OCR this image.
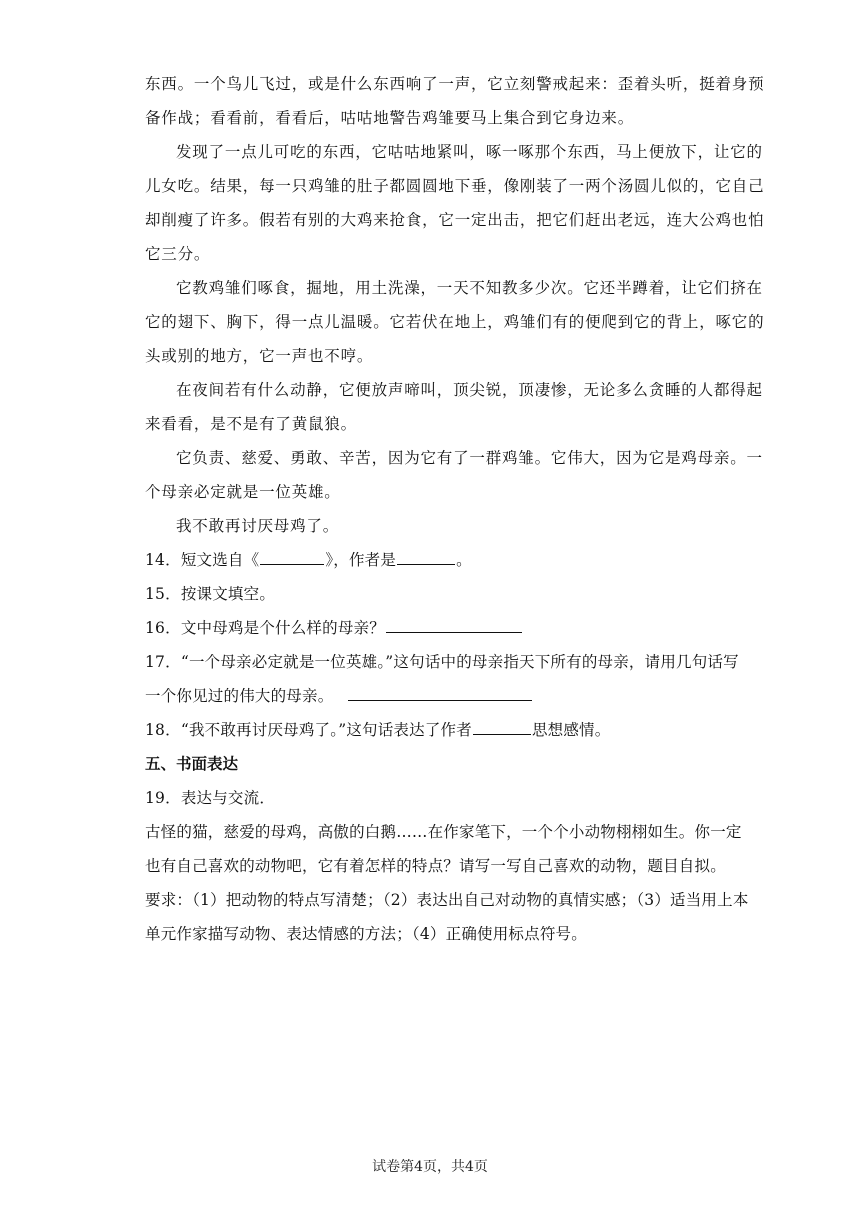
东西。一个鸟儿飞过，或是什么东西响了一声，它立刻警戒起来：歪着头听，挺着身预
备作战；看看前，看看后，咕咕地警告鸡雏要马上集合到它身边来。
发现了一点儿可吃的东西，它咕咕地紧叫，啄一啄那个东西，马上便放下，让它的
儿女吃。结果，每一只鸡雏的肚子都圆圆地下垂，像刚装了一两个汤圆儿似的，它自己
却削瘦了许多。假若有别的大鸡来抢食，它一定出击，把它们赶出老远，连大公鸡也怕
它三分。
它教鸡雏们啄食，掘地，用土洗澡，一天不知教多少次。它还半蹲着，让它们挤在
它的翅下、胸下，得一点儿温暖。它若伏在地上，鸡雏们有的便爬到它的背上，啄它的
头或别的地方，它一声也不哼。
在夜间若有什么动静，它便放声啼叫，顶尖锐，顶凄惨，无论多么贪睡的人都得起
来看看，是不是有了黄鼠狼。
它负责、慈爱、勇敢、辛苦，因为它有了一群鸡雏。它伟大，因为它是鸡母亲。一
个母亲必定就是一位英雄。
我不敢再讨厌母鸡了。
14．短文选自《	》，作者是	。
15．按课文填空。
16．文中母鸡是个什么样的母亲？
17．“一个母亲必定就是一位英雄。”这句话中的母亲指天下所有的母亲，请用几句话写
一个你见过的伟大的母亲。
18．“我不敢再讨厌母鸡了。”这句话表达了作者	思想感情。
五、书面表达
19．表达与交流．
古怪的猫，慈爱的母鸡，高傲的白鹅……在作家笔下，一个个小动物栩栩如生。你一定
也有自己喜欢的动物吧，它有着怎样的特点？请写一写自己喜欢的动物，题目自拟。
要求：（1）把动物的特点写清楚；（2）表达出自己对动物的真情实感；（3）适当用上本
单元作家描写动物、表达情感的方法；（4）正确使用标点符号。
试卷第4页，共4页
